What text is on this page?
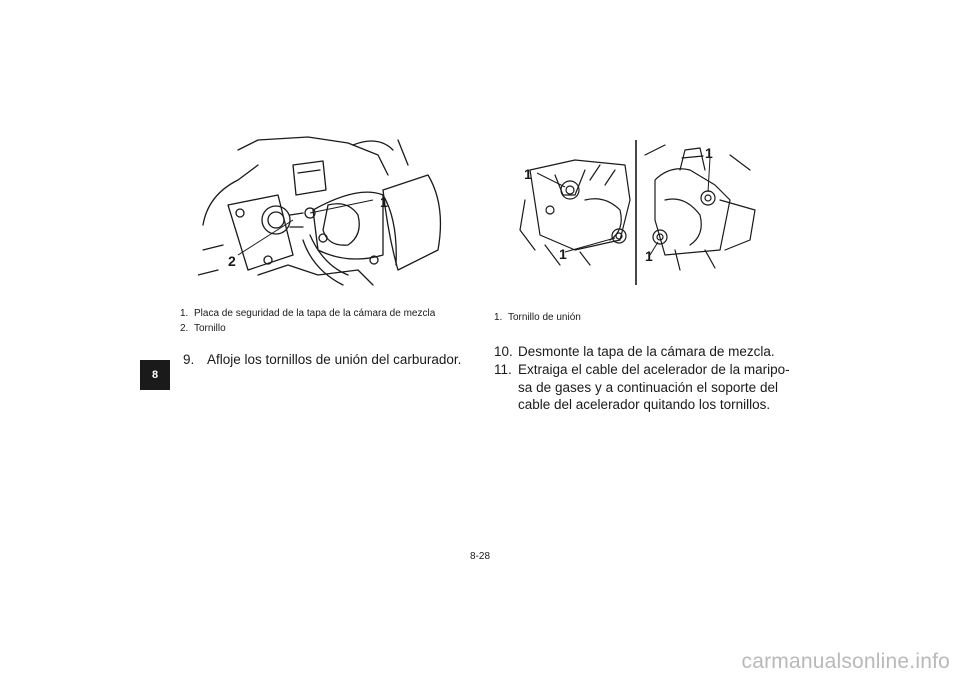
8
1
2
1
1
1
1
1. Placa de seguridad de la tapa de la cámara de mezcla
2. Tornillo
1. Tornillo de unión
9. Afloje los tornillos de unión del carburador.
10. Desmonte la tapa de la cámara de mezcla.
11. Extraiga el cable del acelerador de la maripo-
sa de gases y a continuación el soporte del
cable del acelerador quitando los tornillos.
8-28
carmanualsonline.info
